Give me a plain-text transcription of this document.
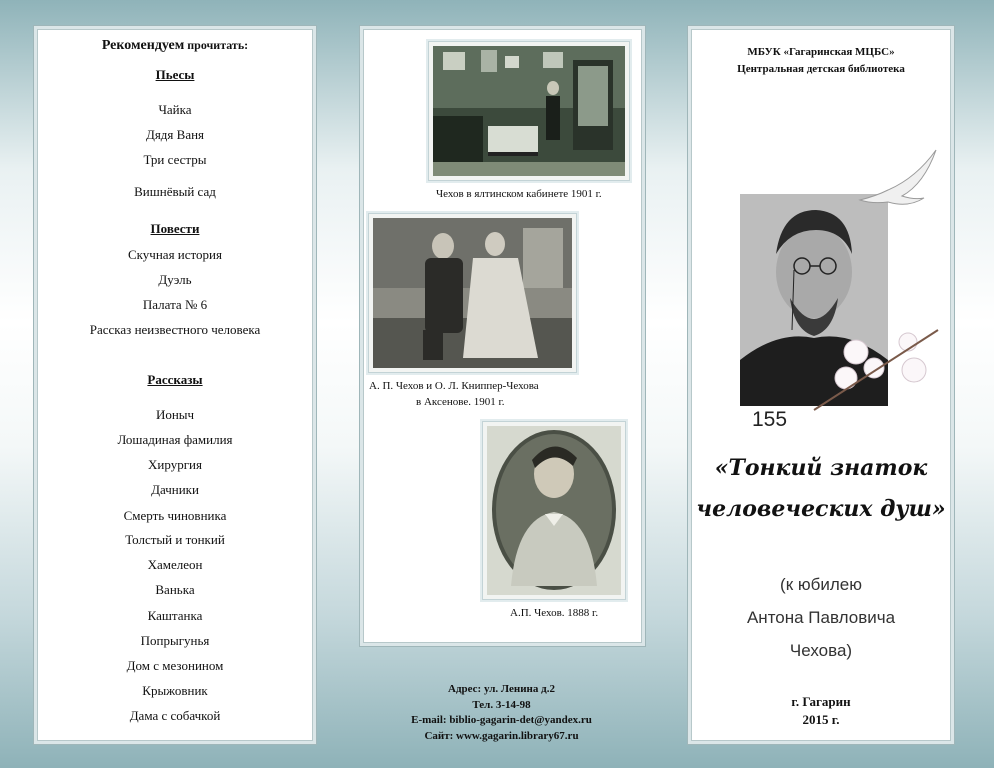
Рекомендуем прочитать:
Пьесы
Чайка
Дядя Ваня
Три сестры
Вишнёвый сад
Повести
Скучная история
Дуэль
Палата № 6
Рассказ неизвестного человека
Рассказы
Ионыч
Лошадиная фамилия
Хирургия
Дачники
Смерть чиновника
Толстый и тонкий
Хамелеон
Ванька
Каштанка
Попрыгунья
Дом с мезонином
Крыжовник
Дама с собачкой
Чехов в ялтинском кабинете 1901 г.
А. П. Чехов и О. Л. Книппер-Чехова
в Аксенове. 1901 г.
А.П. Чехов. 1888 г.
Адрес: ул. Ленина д.2
Тел. 3-14-98
E-mail: biblio-gagarin-det@yandex.ru
Сайт: www.gagarin.library67.ru
МБУК «Гагаринская МЦБС»
Центральная детская библиотека
155
«Тонкий знаток
человеческих душ»
(к юбилею
Антона Павловича
Чехова)
г. Гагарин
2015 г.
